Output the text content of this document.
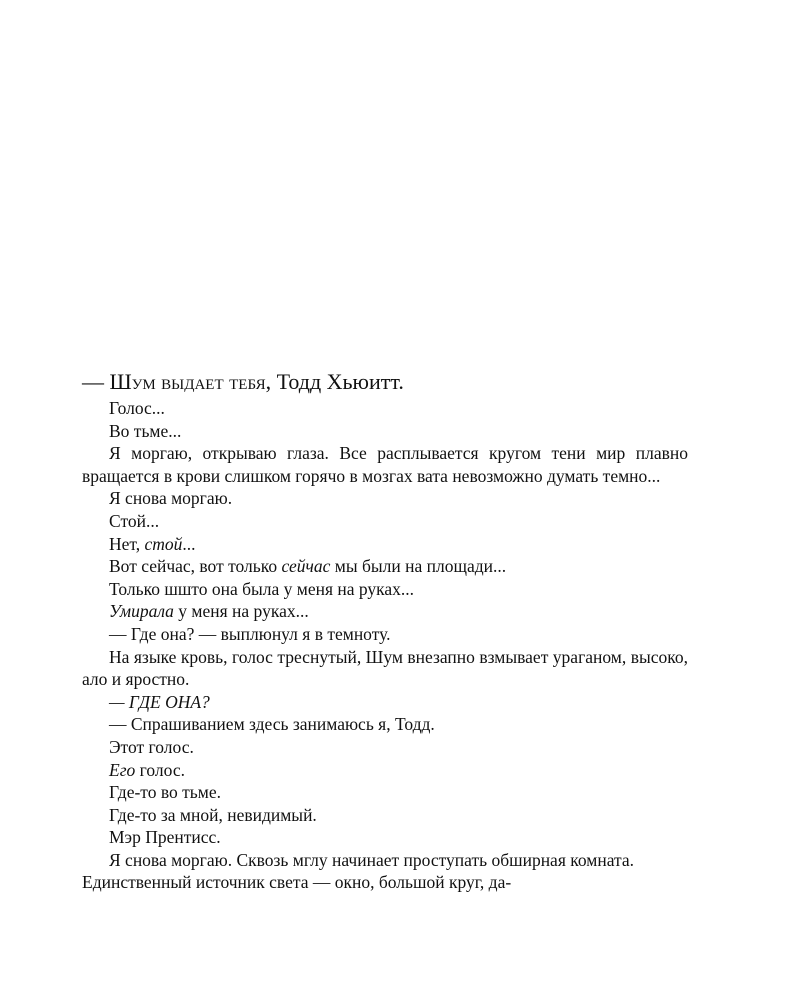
— Шум выдает тебя, Тодд Хьюитт.

Голос...

Во тьме...

Я моргаю, открываю глаза. Все расплывается кругом тени мир плавно вращается в крови слишком горячо в мозгах вата невозможно думать темно...

Я снова моргаю.

Стой...

Нет, стой...

Вот сейчас, вот только сейчас мы были на площади...

Только шшто она была у меня на руках...

Умирала у меня на руках...

— Где она? — выплюнул я в темноту.

На языке кровь, голос треснутый, Шум внезапно взмывает ураганом, высоко, ало и яростно.

— ГДЕ ОНА?

— Спрашиванием здесь занимаюсь я, Тодд.

Этот голос.

Его голос.

Где-то во тьме.

Где-то за мной, невидимый.

Мэр Прентисс.

Я снова моргаю. Сквозь мглу начинает проступать обширная комната. Единственный источник света — окно, большой круг, да-
